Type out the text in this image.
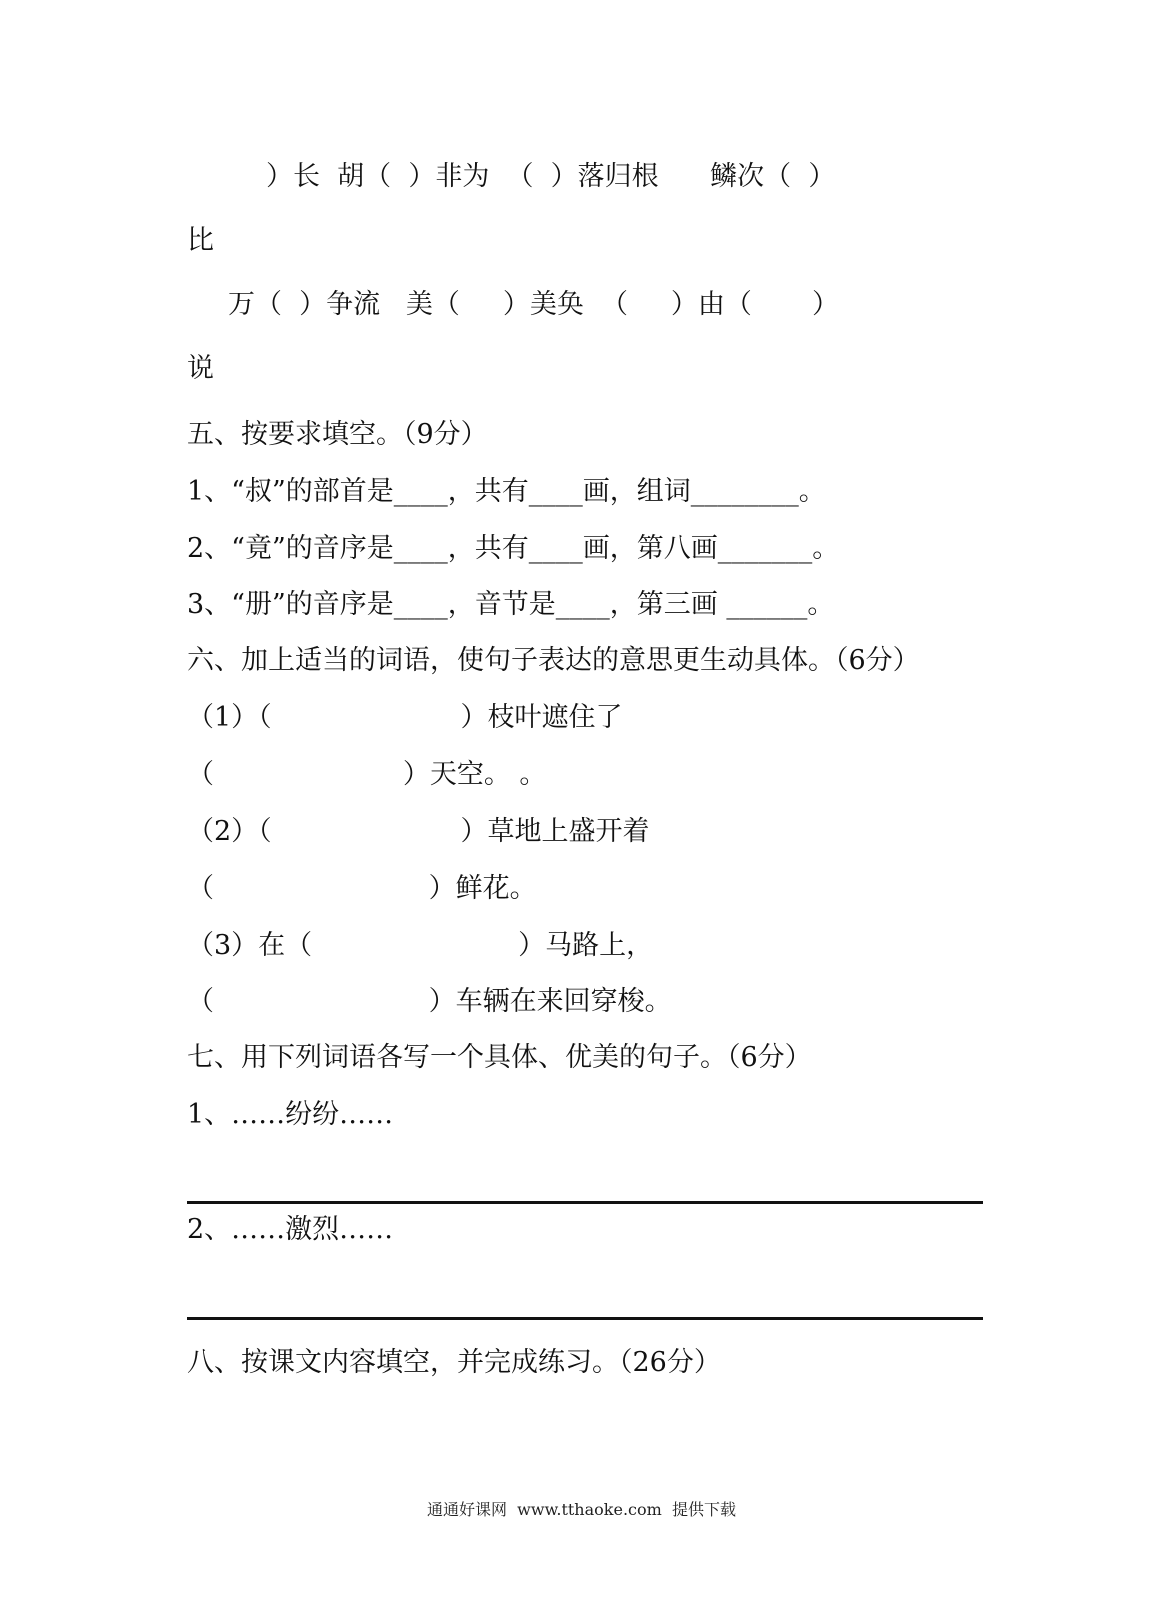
）长  胡（  ）非为  （  ）落归根      鳞次（  ）
比
万（  ）争流   美（     ）美奂  （     ）由（       ）
说
五、按要求填空。（9分）
1、“叔”的部首是____，共有____画，组词________。
2、“竟”的音序是____，共有____画，第八画_______。
3、“册”的音序是____，音节是____，第三画 ______。
六、加上适当的词语，使句子表达的意思更生动具体。（6分）
（1）（                      ）枝叶遮住了
（                      ）天空。 。
（2）（                      ）草地上盛开着
（                         ）鲜花。
（3）在（                        ）马路上，
（                         ）车辆在来回穿梭。
七、用下列词语各写一个具体、优美的句子。（6分）
1、……纷纷……
2、……激烈……
八、按课文内容填空，并完成练习。（26分）
通通好课网  www.tthaoke.com  提供下载
